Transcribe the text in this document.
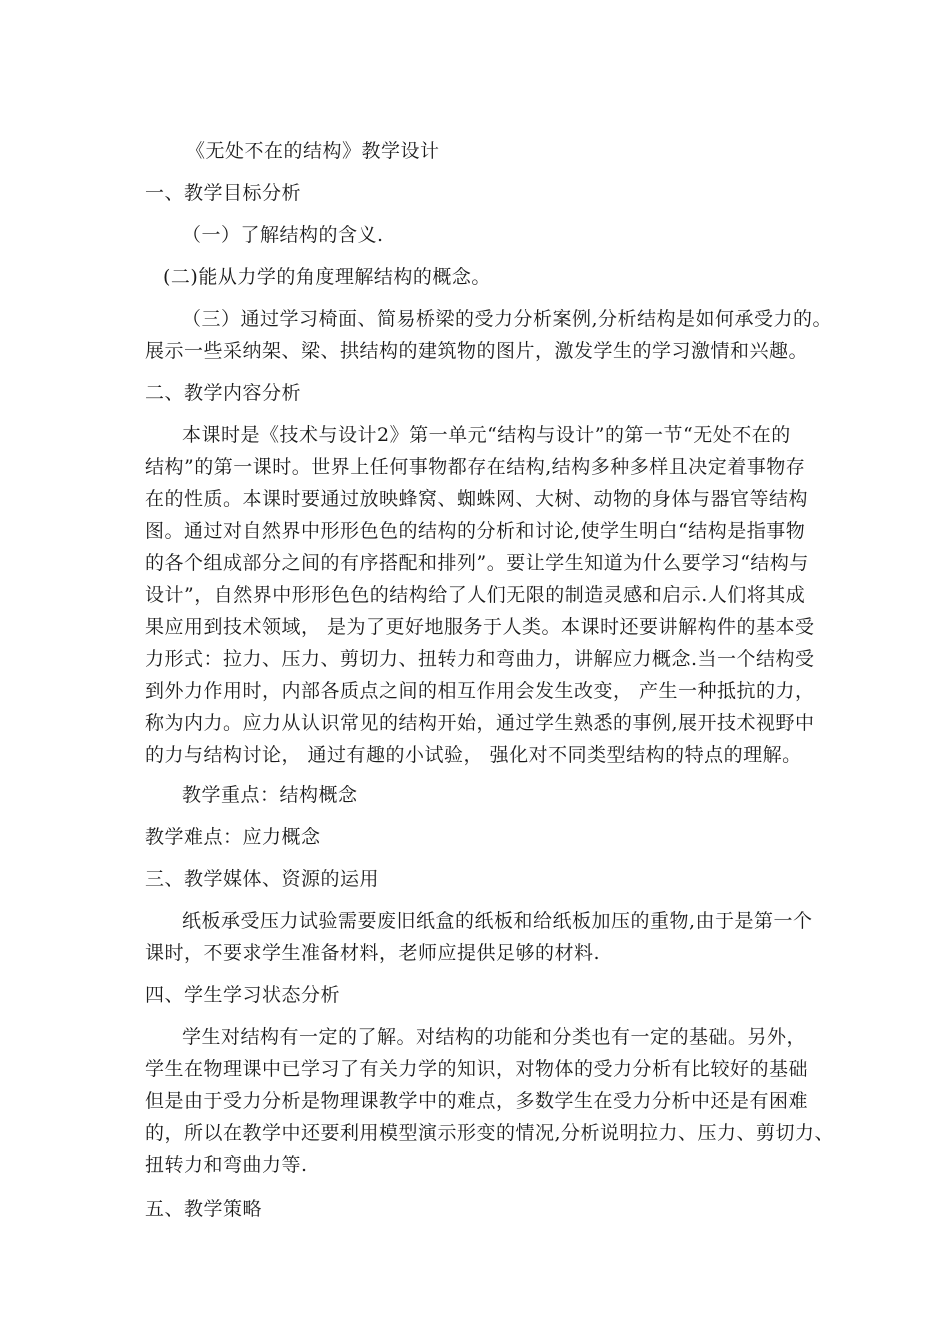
《无处不在的结构》教学设计
一、教学目标分析
（一）了解结构的含义.
(二)能从力学的角度理解结构的概念。
（三）通过学习椅面、简易桥梁的受力分析案例,分析结构是如何承受力的。
展示一些采纳架、梁、拱结构的建筑物的图片，激发学生的学习激情和兴趣。
二、教学内容分析
本课时是《技术与设计2》第一单元“结构与设计”的第一节“无处不在的
结构”的第一课时。世界上任何事物都存在结构,结构多种多样且决定着事物存
在的性质。本课时要通过放映蜂窝、蜘蛛网、大树、动物的身体与器官等结构
图。通过对自然界中形形色色的结构的分析和讨论,使学生明白“结构是指事物
的各个组成部分之间的有序搭配和排列”。要让学生知道为什么要学习“结构与
设计”，自然界中形形色色的结构给了人们无限的制造灵感和启示.人们将其成
果应用到技术领域， 是为了更好地服务于人类。本课时还要讲解构件的基本受
力形式：拉力、压力、剪切力、扭转力和弯曲力，讲解应力概念.当一个结构受
到外力作用时，内部各质点之间的相互作用会发生改变， 产生一种抵抗的力，
称为内力。应力从认识常见的结构开始，通过学生熟悉的事例,展开技术视野中
的力与结构讨论， 通过有趣的小试验， 强化对不同类型结构的特点的理解。
教学重点：结构概念
教学难点：应力概念
三、教学媒体、资源的运用
纸板承受压力试验需要废旧纸盒的纸板和给纸板加压的重物,由于是第一个
课时，不要求学生准备材料，老师应提供足够的材料.
四、学生学习状态分析
学生对结构有一定的了解。对结构的功能和分类也有一定的基础。另外，
学生在物理课中已学习了有关力学的知识，对物体的受力分析有比较好的基础
但是由于受力分析是物理课教学中的难点，多数学生在受力分析中还是有困难
的，所以在教学中还要利用模型演示形变的情况,分析说明拉力、压力、剪切力、
扭转力和弯曲力等.
五、教学策略
